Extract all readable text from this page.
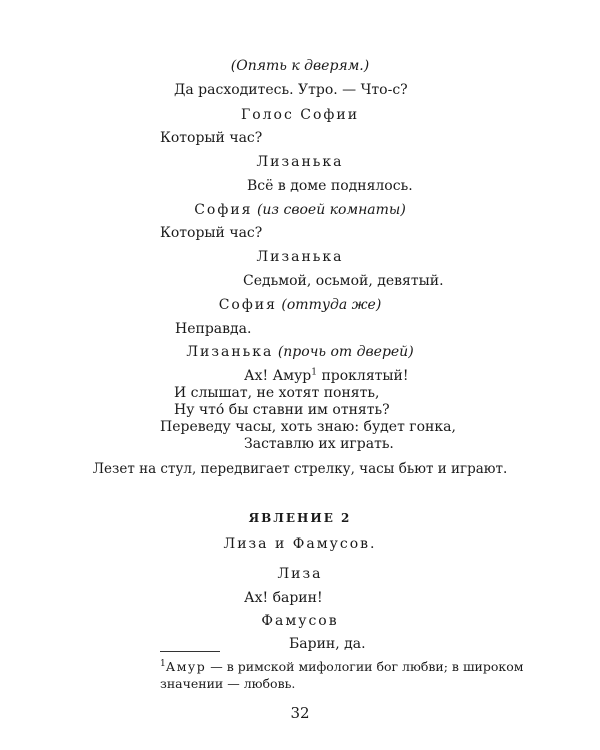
(Опять к дверям.)
Да расходитесь. Утро. — Что-с?
Голос Софии
Который час?
Лизанька
Всё в доме поднялось.
София (из своей комнаты)
Который час?
Лизанька
Седьмой, осьмой, девятый.
София (оттуда же)
Неправда.
Лизанька (прочь от дверей)
Ах! Амур$^1$ проклятый!
И слышат, не хотят понять,
Ну что́ бы ставни им отнять?
Переведу часы, хоть знаю: будет гонка,
Заставлю их играть.
Лезет на стул, передвигает стрелку, часы бьют и играют.
ЯВЛЕНИЕ 2
Лиза и Фамусов.
Лиза
Ах! барин!
Фамусов
Барин, да.
$^1$Амур — в римской мифологии бог любви; в широком
значении — любовь.
32
